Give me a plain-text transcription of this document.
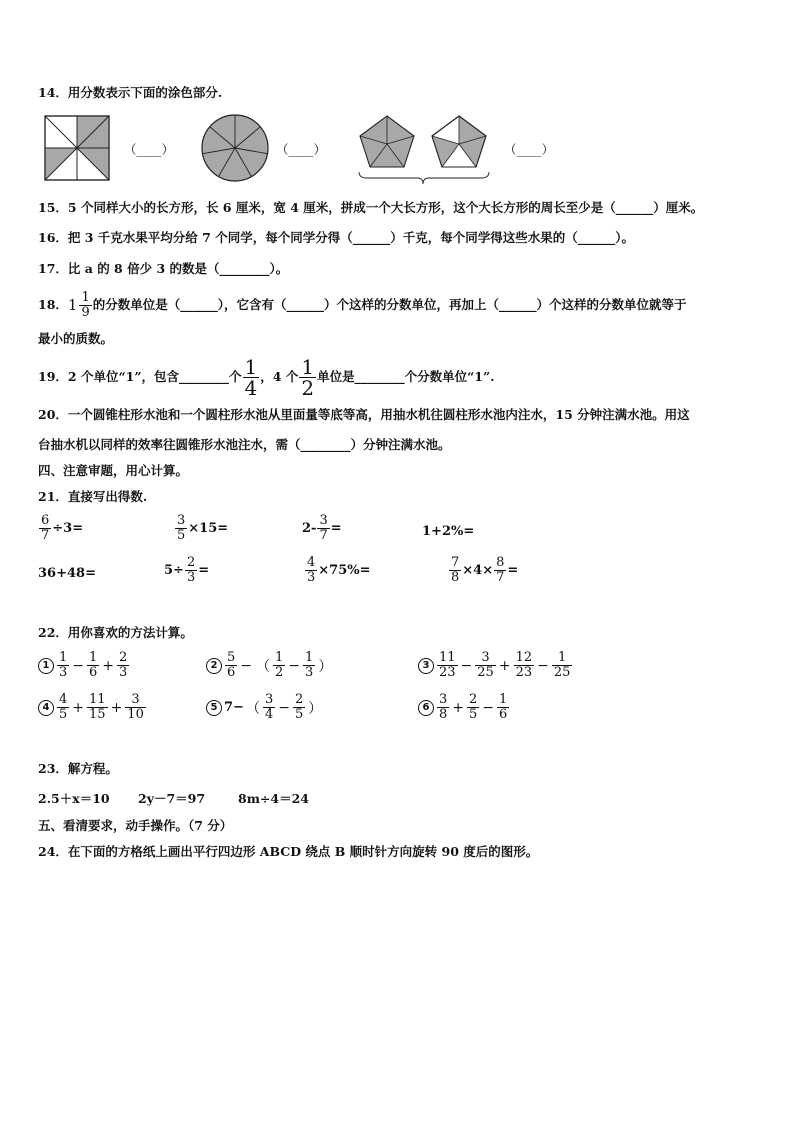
14．用分数表示下面的涂色部分.
（____）	（____）	（____）
15．5 个同样大小的长方形，长 6 厘米，宽 4 厘米，拼成一个大长方形，这个大长方形的周长至少是（______）厘米。
16．把 3 千克水果平均分给 7 个同学，每个同学分得（______）千克，每个同学得这些水果的（______）。
17．比 a 的 8 倍少 3 的数是（________）。
18． $1 \frac{1}{9}$ 的分数单位是（______），它含有（______）个这样的分数单位，再加上（______）个这样的分数单位就等于
最小的质数。
19．2 个单位“1”，包含________个 $\frac{1}{4}$ ，4 个 $\frac{1}{2}$ 单位是________个分数单位“1”.
20．一个圆锥柱形水池和一个圆柱形水池从里面量等底等高，用抽水机往圆柱形水池内注水，15 分钟注满水池。用这
台抽水机以同样的效率往圆锥形水池注水，需（________）分钟注满水池。
四、注意审题，用心计算。
21．直接写出得数.
$\frac{6}{7} \div 3=$	$\frac{3}{5} \times 15=$	$2- \frac{3}{7}$ =	1+2%=
36+48=	$5\div \frac{2}{3}$ =	$\frac{4}{3} \times 75\%=$	$\frac{7}{8} \times 4\times \frac{8}{7}$ =
22．用你喜欢的方法计算。
$1 \frac{1}{3} - \frac{1}{6} + \frac{2}{3}$	$2 \frac{5}{6}$ − （ $\frac{1}{2} - \frac{1}{3}$ ）	$3 \frac{11}{23} - \frac{3}{25} + \frac{12}{23} - \frac{1}{25}$
$4 \frac{4}{5} + \frac{11}{15} + \frac{3}{10}$	5 7− （ $\frac{3}{4} - \frac{2}{5}$ ）	$6 \frac{3}{8} + \frac{2}{5} - \frac{1}{6}$
23．解方程。
2.5＋x＝10 2y－7＝97	8m÷4＝24
五、看清要求，动手操作。（7 分）
24．在下面的方格纸上画出平行四边形 ABCD 绕点 B 顺时针方向旋转 90 度后的图形。
